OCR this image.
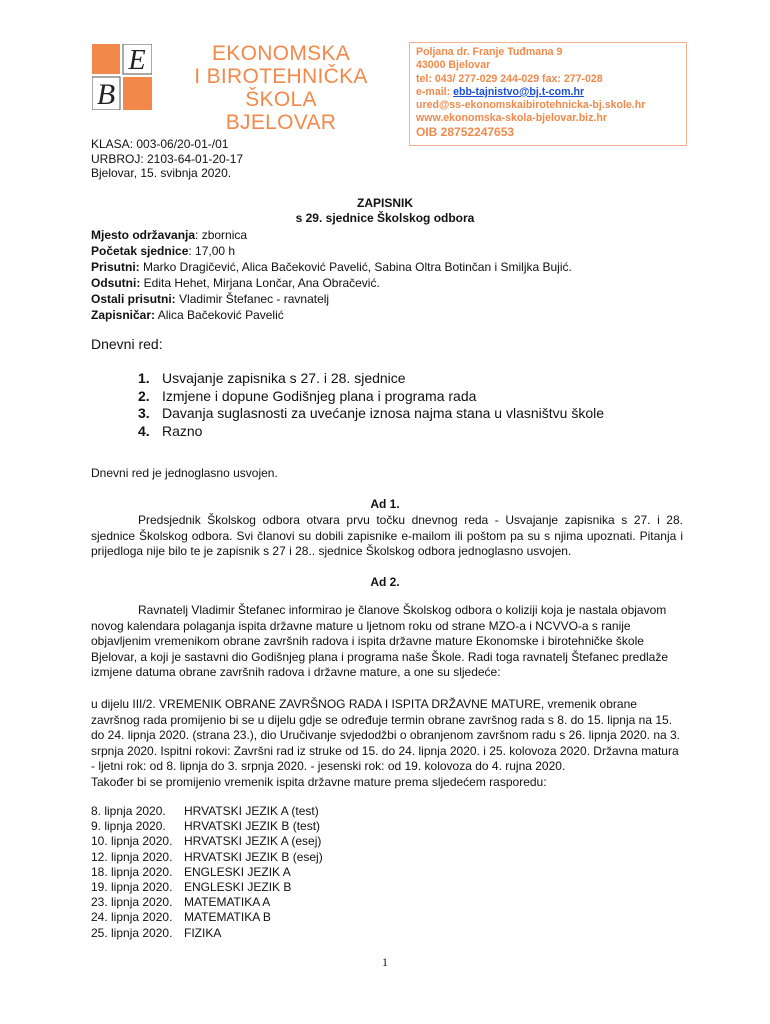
E
B
EKONOMSKA
I BIROTEHNIČKA ŠKOLA
BJELOVAR
Poljana dr. Franje Tuđmana 9
43000 Bjelovar
tel: 043/ 277-029 244-029 fax: 277-028
e-mail: ebb-tajnistvo@bj.t-com.hr
ured@ss-ekonomskaibirotehnicka-bj.skole.hr
www.ekonomska-skola-bjelovar.biz.hr
OIB 28752247653
KLASA: 003-06/20-01-/01
URBROJ: 2103-64-01-20-17
Bjelovar, 15. svibnja 2020.
ZAPISNIK
s 29. sjednice Školskog odbora
Mjesto održavanja: zbornica
Početak sjednice: 17,00 h
Prisutni: Marko Dragičević, Alica Bačeković Pavelić, Sabina Oltra Botinčan i Smiljka Bujić.
Odsutni: Edita Hehet, Mirjana Lončar, Ana Obračević.
Ostali prisutni: Vladimir Štefanec - ravnatelj
Zapisničar: Alica Bačeković Pavelić
Dnevni red:
1. Usvajanje zapisnika s 27. i 28. sjednice
2. Izmjene i dopune Godišnjeg plana i programa rada
3. Davanja suglasnosti za uvećanje iznosa najma stana u vlasništvu škole
4. Razno
Dnevni red je jednoglasno usvojen.
Ad 1.
Predsjednik Školskog odbora otvara prvu točku dnevnog reda - Usvajanje zapisnika s 27. i 28. sjednice Školskog odbora. Svi članovi su dobili zapisnike e-mailom ili poštom pa su s njima upoznati. Pitanja i prijedloga nije bilo te je zapisnik s 27 i 28.. sjednice Školskog odbora jednoglasno usvojen.
Ad 2.
Ravnatelj Vladimir Štefanec informirao je članove Školskog odbora o koliziji koja je nastala objavom novog kalendara polaganja ispita državne mature u ljetnom roku od strane MZO-a i NCVVO-a s ranije objavljenim vremenikom obrane završnih radova i ispita državne mature Ekonomske i birotehničke škole Bjelovar, a koji je sastavni dio Godišnjeg plana i programa naše Škole. Radi toga ravnatelj Štefanec predlaže izmjene datuma obrane završnih radova i državne mature, a one su sljedeće:
u dijelu III/2. VREMENIK OBRANE ZAVRŠNOG RADA I ISPITA DRŽAVNE MATURE, vremenik obrane završnog rada promijenio bi se u dijelu gdje se određuje termin obrane završnog rada s 8. do 15. lipnja na 15. do 24. lipnja 2020. (strana 23.), dio Uručivanje svjedodžbi o obranjenom završnom radu s 26. lipnja 2020. na 3. srpnja 2020. Ispitni rokovi: Završni rad iz struke od 15. do 24. lipnja 2020. i 25. kolovoza 2020. Državna matura - ljetni rok: od 8. lipnja do 3. srpnja 2020. - jesenski rok: od 19. kolovoza do 4. rujna 2020.
Također bi se promijenio vremenik ispita državne mature prema sljedećem rasporedu:
8. lipnja 2020. HRVATSKI JEZIK A (test)
9. lipnja 2020. HRVATSKI JEZIK B (test)
10. lipnja 2020. HRVATSKI JEZIK A (esej)
12. lipnja 2020. HRVATSKI JEZIK B (esej)
18. lipnja 2020. ENGLESKI JEZIK A
19. lipnja 2020. ENGLESKI JEZIK B
23. lipnja 2020. MATEMATIKA A
24. lipnja 2020. MATEMATIKA B
25. lipnja 2020. FIZIKA
1
